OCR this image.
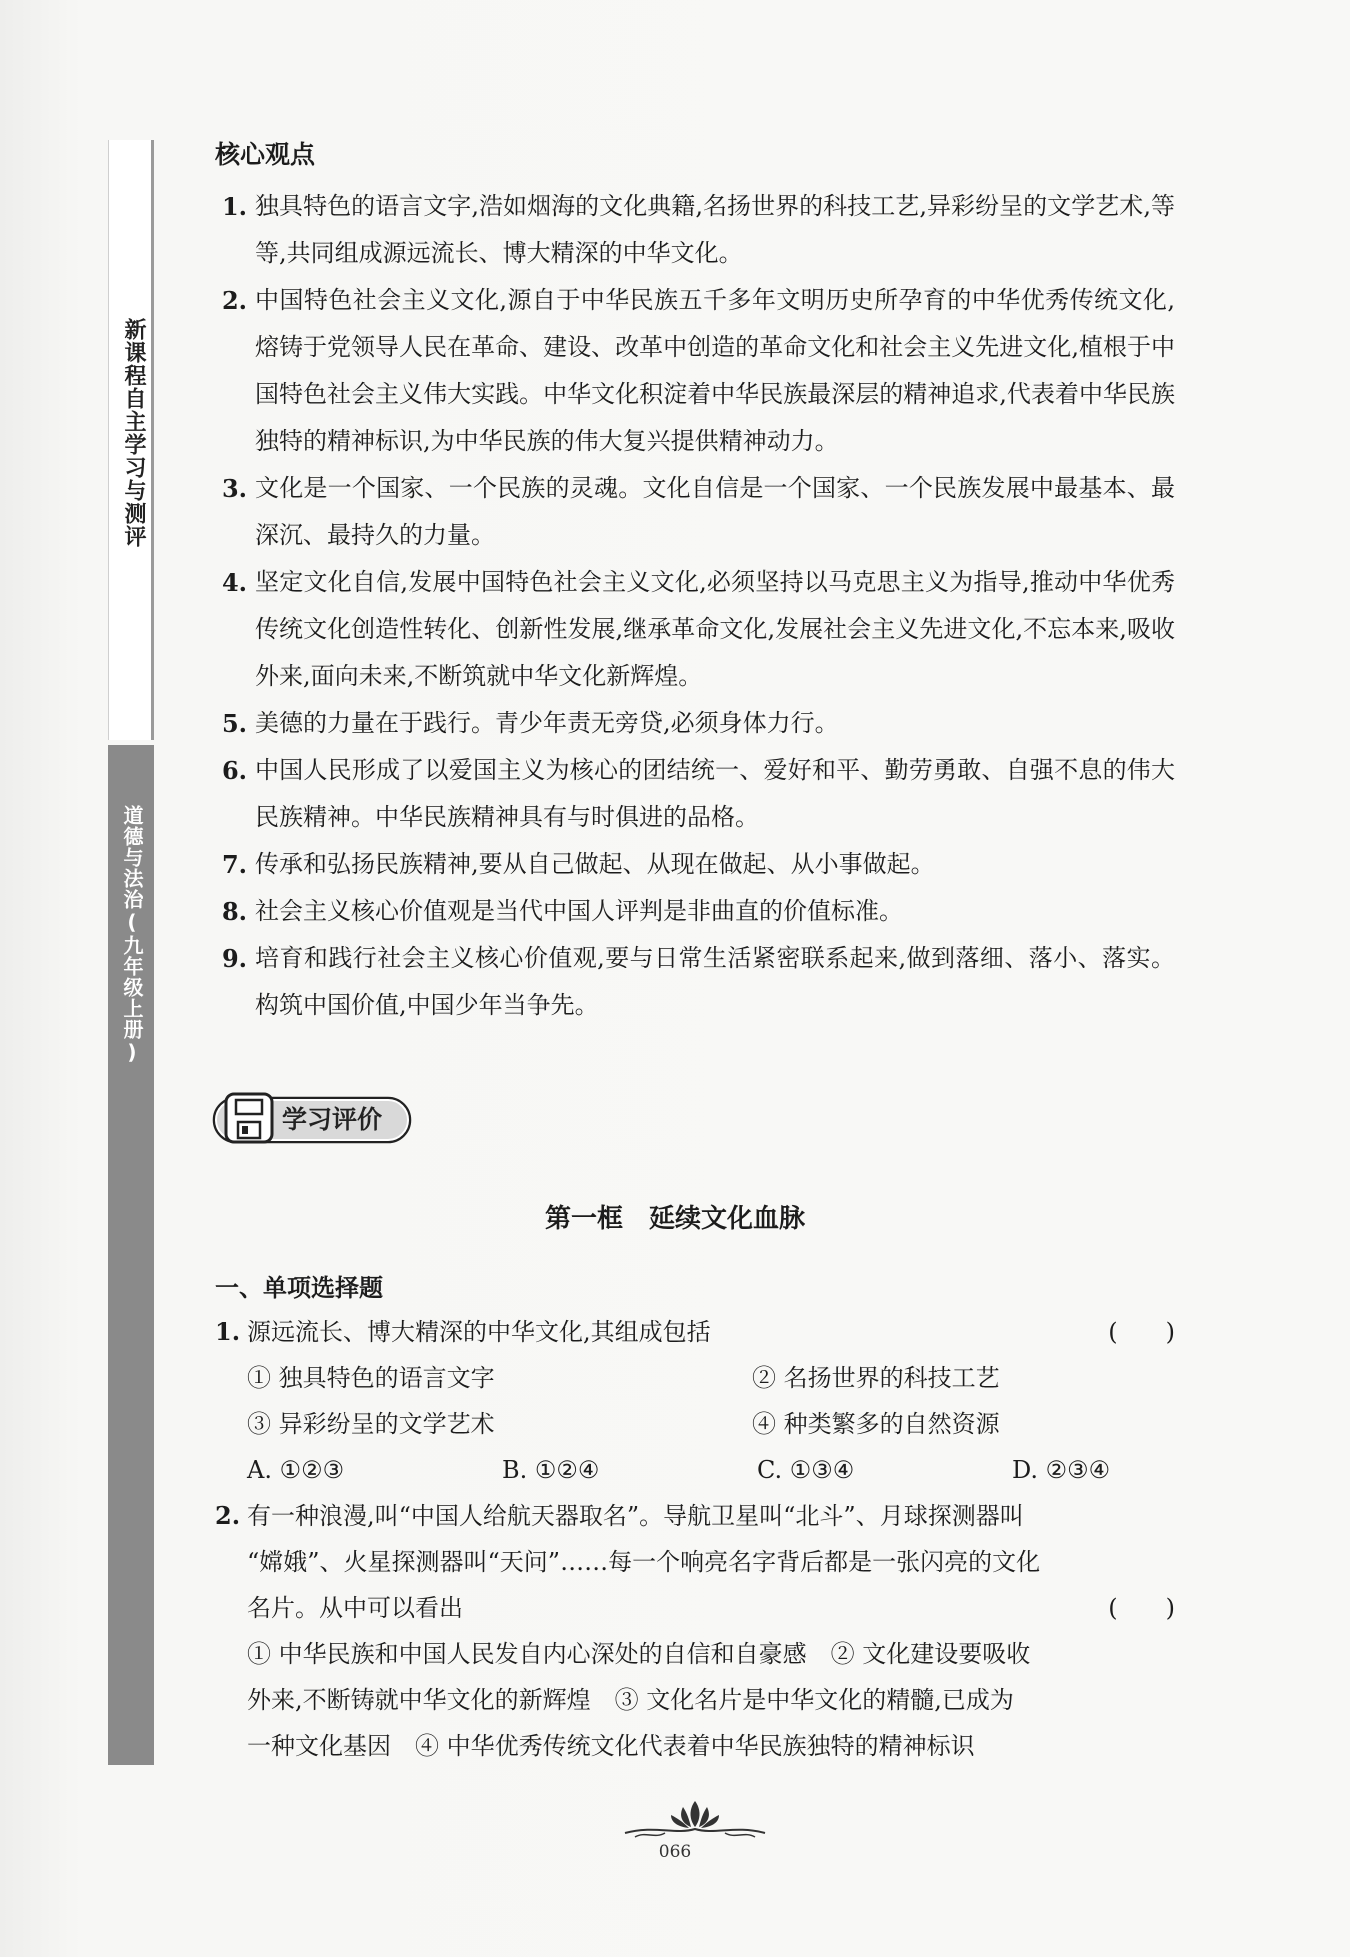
新课程自主学习与测评
道德与法治(九年级上册)
核心观点
1. 独具特色的语言文字,浩如烟海的文化典籍,名扬世界的科技工艺,异彩纷呈的文学艺术,等等,共同组成源远流长、博大精深的中华文化。
2. 中国特色社会主义文化,源自于中华民族五千多年文明历史所孕育的中华优秀传统文化,熔铸于党领导人民在革命、建设、改革中创造的革命文化和社会主义先进文化,植根于中国特色社会主义伟大实践。中华文化积淀着中华民族最深层的精神追求,代表着中华民族独特的精神标识,为中华民族的伟大复兴提供精神动力。
3. 文化是一个国家、一个民族的灵魂。文化自信是一个国家、一个民族发展中最基本、最深沉、最持久的力量。
4. 坚定文化自信,发展中国特色社会主义文化,必须坚持以马克思主义为指导,推动中华优秀传统文化创造性转化、创新性发展,继承革命文化,发展社会主义先进文化,不忘本来,吸收外来,面向未来,不断筑就中华文化新辉煌。
5. 美德的力量在于践行。青少年责无旁贷,必须身体力行。
6. 中国人民形成了以爱国主义为核心的团结统一、爱好和平、勤劳勇敢、自强不息的伟大民族精神。中华民族精神具有与时俱进的品格。
7. 传承和弘扬民族精神,要从自己做起、从现在做起、从小事做起。
8. 社会主义核心价值观是当代中国人评判是非曲直的价值标准。
9. 培育和践行社会主义核心价值观,要与日常生活紧密联系起来,做到落细、落小、落实。构筑中国价值,中国少年当争先。
学习评价
第一框　延续文化血脉
一、单项选择题
1. 源远流长、博大精深的中华文化,其组成包括	(　　)
① 独具特色的语言文字	② 名扬世界的科技工艺
③ 异彩纷呈的文学艺术	④ 种类繁多的自然资源
A. ①②③	B. ①②④	C. ①③④	D. ②③④
2. 有一种浪漫,叫“中国人给航天器取名”。导航卫星叫“北斗”、月球探测器叫
“嫦娥”、火星探测器叫“天问”……每一个响亮名字背后都是一张闪亮的文化
名片。从中可以看出	(　　)
① 中华民族和中国人民发自内心深处的自信和自豪感　② 文化建设要吸收
外来,不断铸就中华文化的新辉煌　③ 文化名片是中华文化的精髓,已成为
一种文化基因　④ 中华优秀传统文化代表着中华民族独特的精神标识
066
